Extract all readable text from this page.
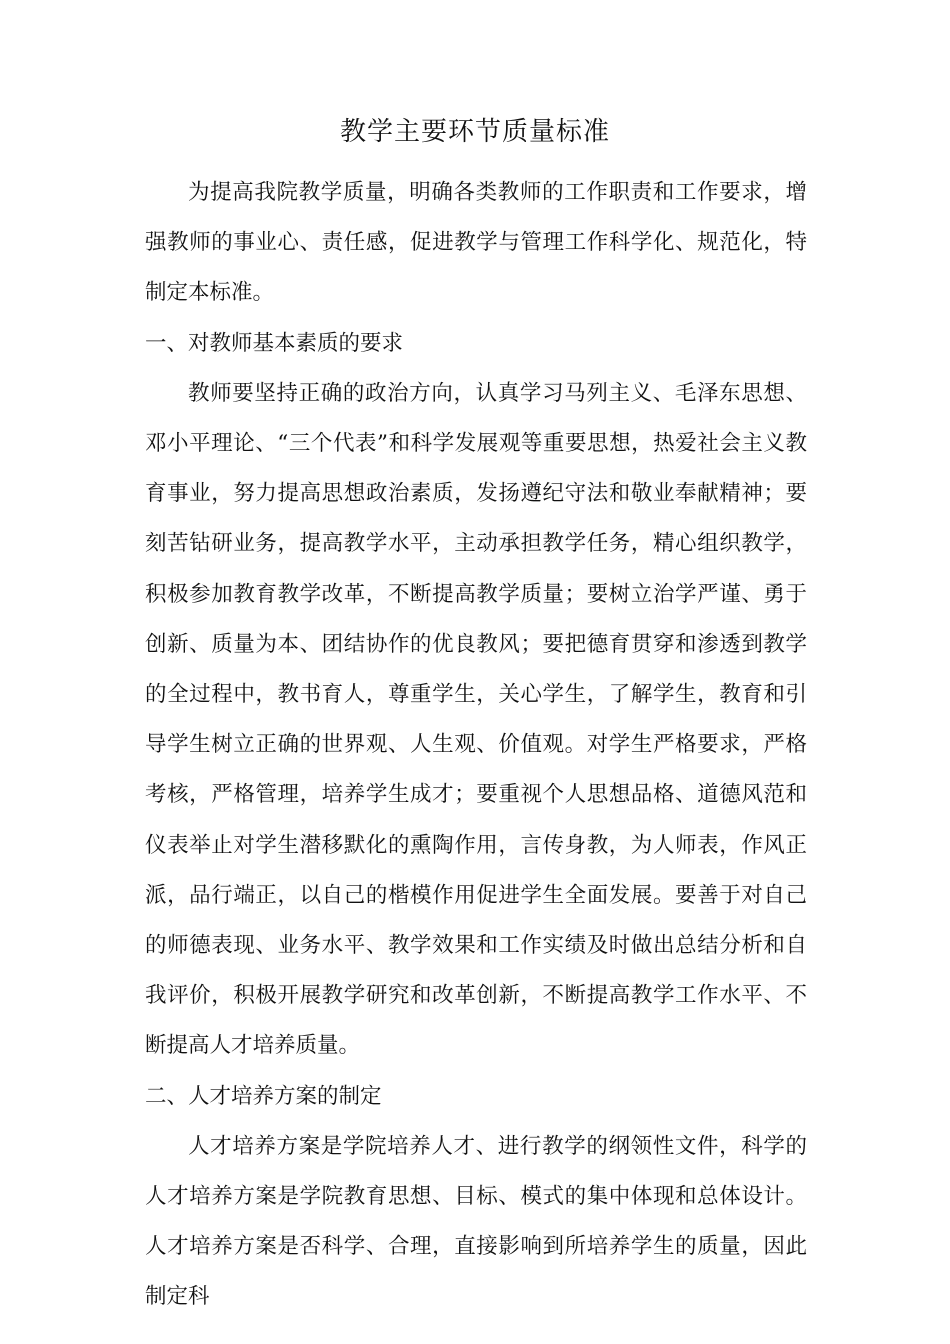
教学主要环节质量标准

为提高我院教学质量，明确各类教师的工作职责和工作要求，增强教师的事业心、责任感，促进教学与管理工作科学化、规范化，特制定本标准。

一、对教师基本素质的要求

教师要坚持正确的政治方向，认真学习马列主义、毛泽东思想、邓小平理论、“三个代表”和科学发展观等重要思想，热爱社会主义教育事业，努力提高思想政治素质，发扬遵纪守法和敬业奉献精神；要刻苦钻研业务，提高教学水平，主动承担教学任务，精心组织教学，积极参加教育教学改革，不断提高教学质量；要树立治学严谨、勇于创新、质量为本、团结协作的优良教风；要把德育贯穿和渗透到教学的全过程中，教书育人，尊重学生，关心学生，了解学生，教育和引导学生树立正确的世界观、人生观、价值观。对学生严格要求，严格考核，严格管理，培养学生成才；要重视个人思想品格、道德风范和仪表举止对学生潜移默化的熏陶作用，言传身教，为人师表，作风正派，品行端正，以自己的楷模作用促进学生全面发展。要善于对自己的师德表现、业务水平、教学效果和工作实绩及时做出总结分析和自我评价，积极开展教学研究和改革创新，不断提高教学工作水平、不断提高人才培养质量。

二、人才培养方案的制定

人才培养方案是学院培养人才、进行教学的纲领性文件，科学的人才培养方案是学院教育思想、目标、模式的集中体现和总体设计。人才培养方案是否科学、合理，直接影响到所培养学生的质量，因此制定科
